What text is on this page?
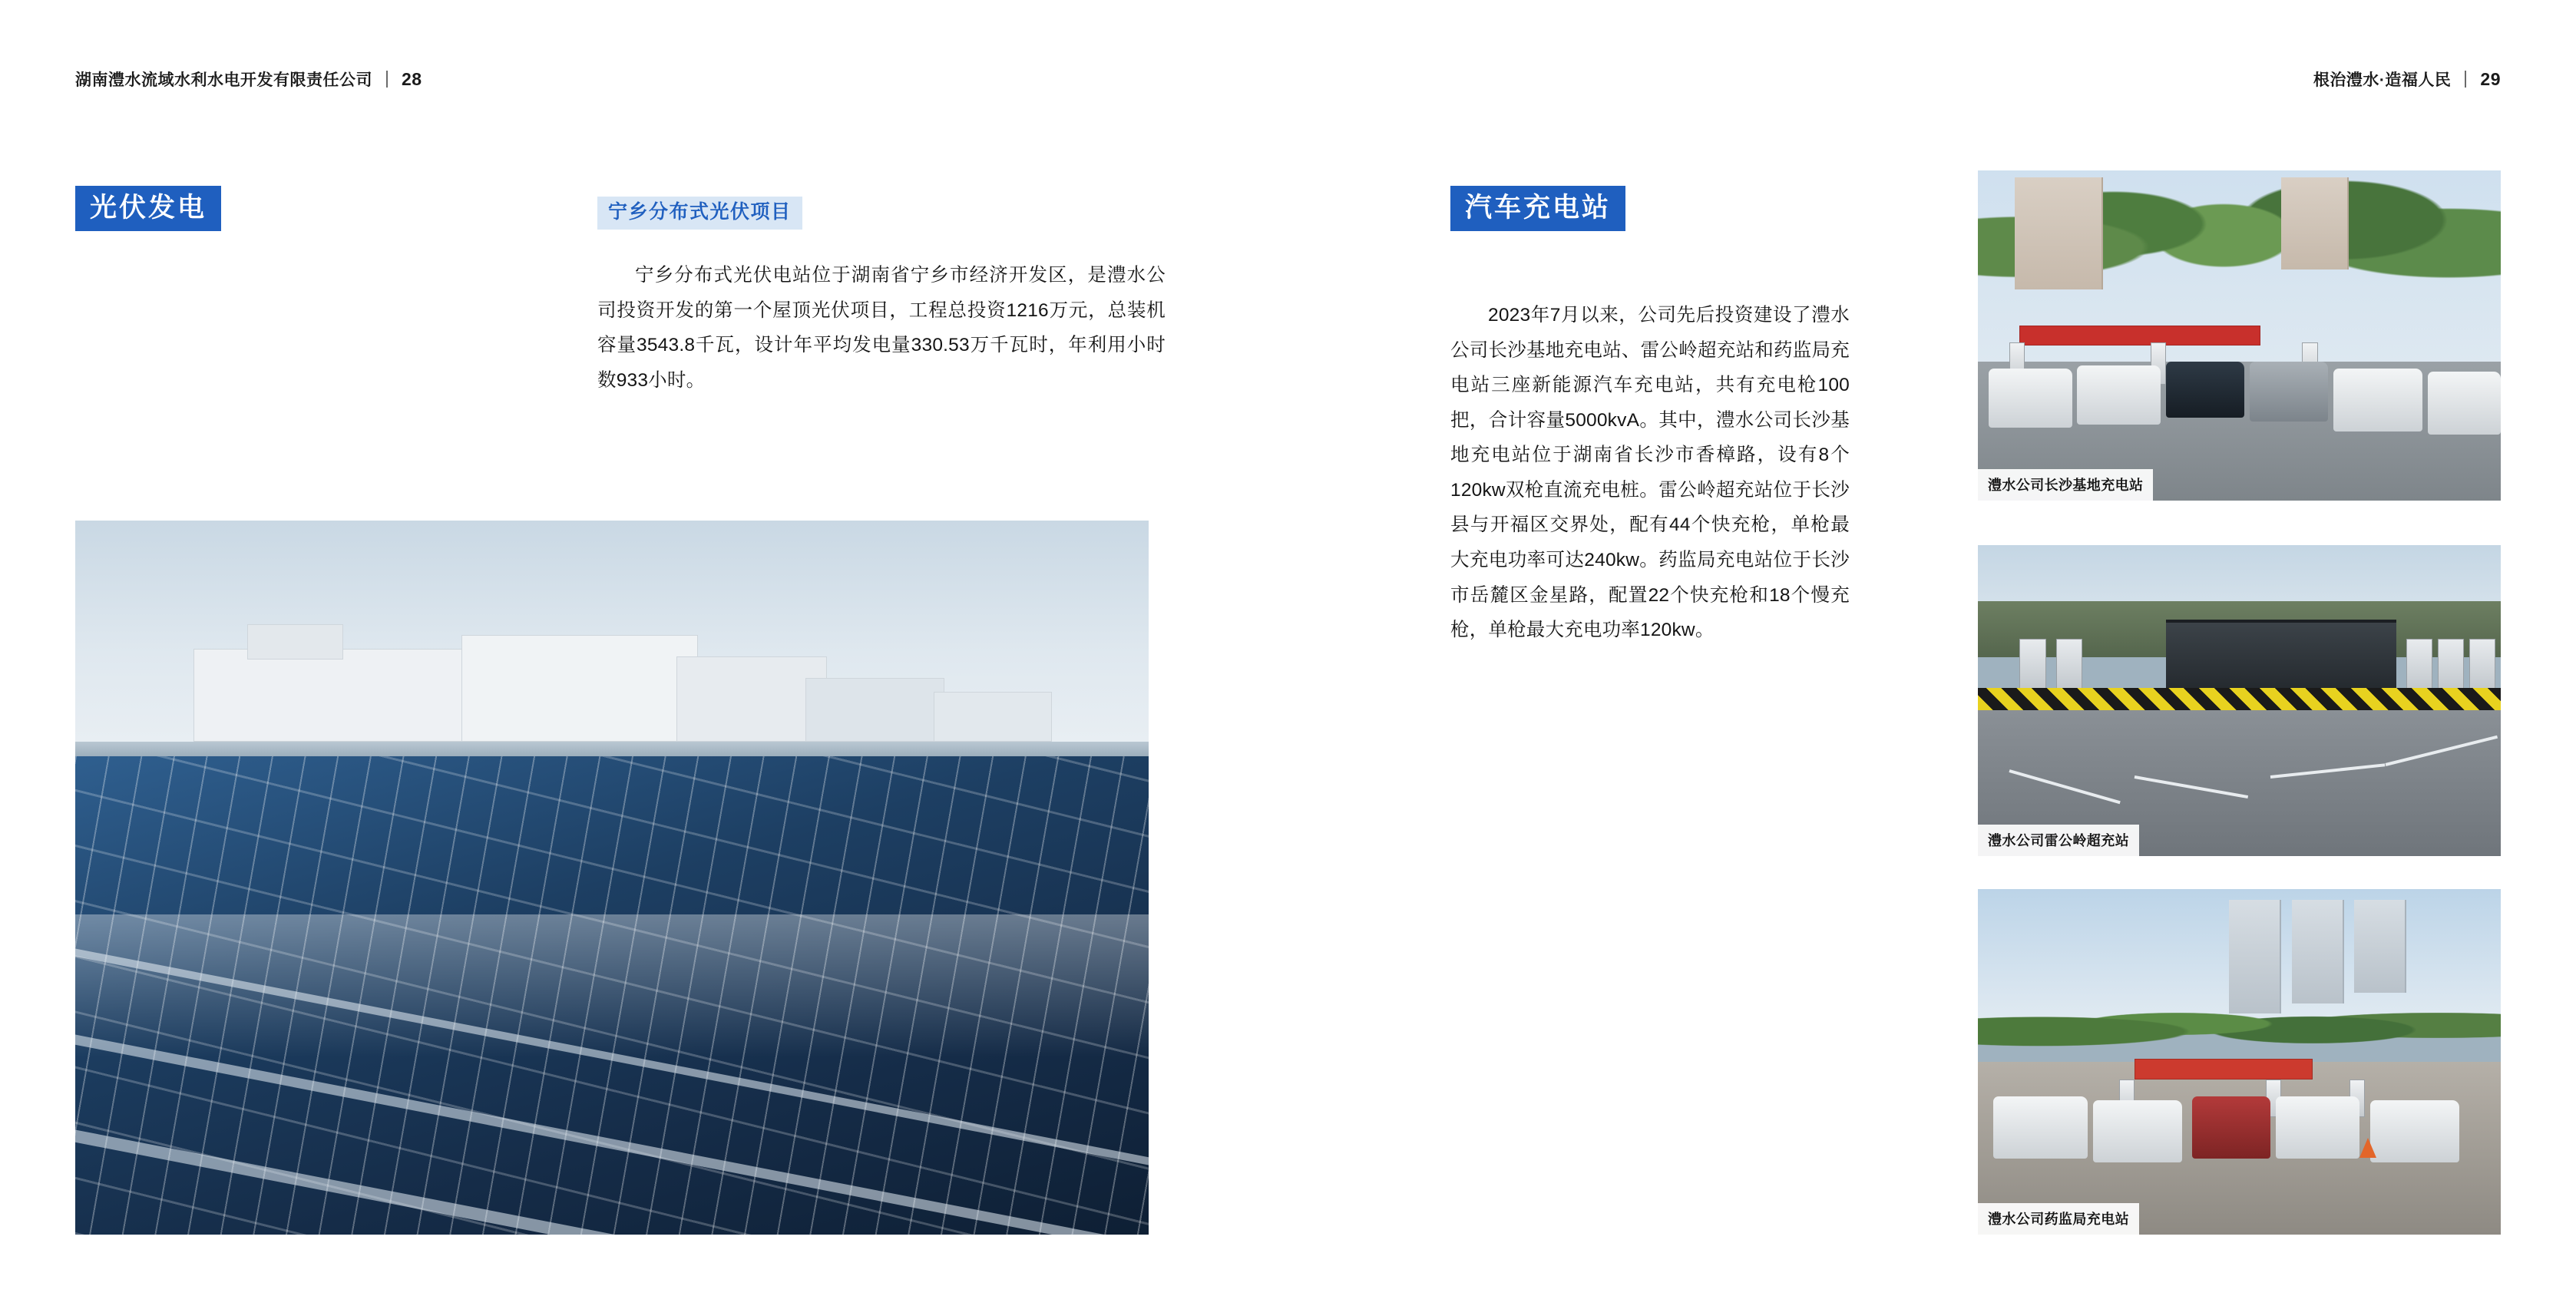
湖南澧水流域水利水电开发有限责任公司 28	根治澧水·造福人民 29
光伏发电	宁乡分布式光伏项目

宁乡分布式光伏电站位于湖南省宁乡市经济开发区，是澧水公司投资开发的第一个屋顶光伏项目，工程总投资1216万元，总装机容量3543.8千瓦，设计年平均发电量330.53万千瓦时，年利用小时数933小时。

汽车充电站

2023年7月以来，公司先后投资建设了澧水公司长沙基地充电站、雷公岭超充站和药监局充电站三座新能源汽车充电站，共有充电枪100把，合计容量5000kvA。其中，澧水公司长沙基地充电站位于湖南省长沙市香樟路，设有8个120kw双枪直流充电桩。雷公岭超充站位于长沙县与开福区交界处，配有44个快充枪，单枪最大充电功率可达240kw。药监局充电站位于长沙市岳麓区金星路，配置22个快充枪和18个慢充枪，单枪最大充电功率120kw。

澧水公司长沙基地充电站
澧水公司雷公岭超充站
澧水公司药监局充电站
